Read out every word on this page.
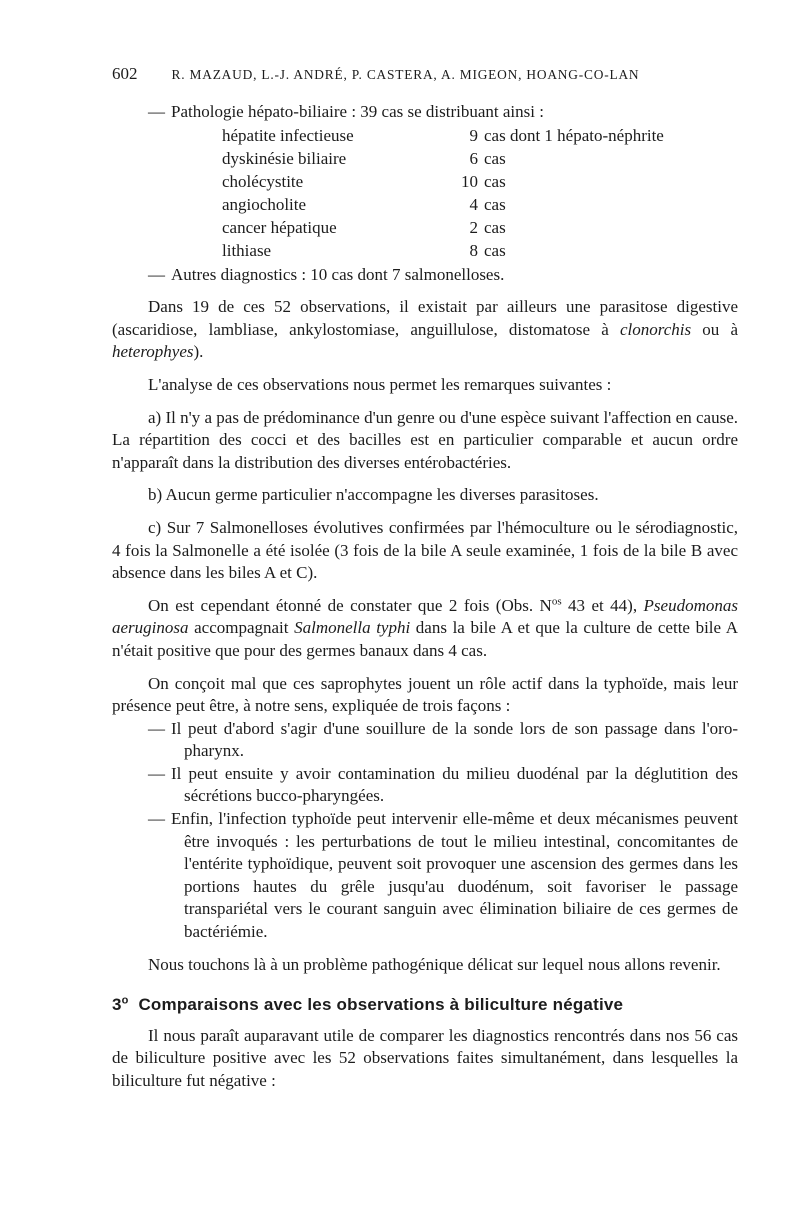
602	R. MAZAUD, L.-J. ANDRÉ, P. CASTERA, A. MIGEON, HOANG-CO-LAN

— Pathologie hépato-biliaire : 39 cas se distribuant ainsi :

hépatite infectieuse	9	cas dont 1 hépato-néphrite
dyskinésie biliaire	6	cas
cholécystite	10	cas
angiocholite	4	cas
cancer hépatique	2	cas
lithiase	8	cas

— Autres diagnostics : 10 cas dont 7 salmonelloses.

Dans 19 de ces 52 observations, il existait par ailleurs une parasitose digestive (ascaridiose, lambliase, ankylostomiase, anguillulose, distomatose à clonorchis ou à heterophyes).

L'analyse de ces observations nous permet les remarques suivantes :

a) Il n'y a pas de prédominance d'un genre ou d'une espèce suivant l'affection en cause. La répartition des cocci et des bacilles est en particulier comparable et aucun ordre n'apparaît dans la distribution des diverses entérobactéries.

b) Aucun germe particulier n'accompagne les diverses parasitoses.

c) Sur 7 Salmonelloses évolutives confirmées par l'hémoculture ou le sérodiagnostic, 4 fois la Salmonelle a été isolée (3 fois de la bile A seule examinée, 1 fois de la bile B avec absence dans les biles A et C).

On est cependant étonné de constater que 2 fois (Obs. $N^{os}$ 43 et 44), Pseudomonas aeruginosa accompagnait Salmonella typhi dans la bile A et que la culture de cette bile A n'était positive que pour des germes banaux dans 4 cas.

On conçoit mal que ces saprophytes jouent un rôle actif dans la typhoïde, mais leur présence peut être, à notre sens, expliquée de trois façons :

— Il peut d'abord s'agir d'une souillure de la sonde lors de son passage dans l'oro-pharynx.

— Il peut ensuite y avoir contamination du milieu duodénal par la déglutition des sécrétions bucco-pharyngées.

— Enfin, l'infection typhoïde peut intervenir elle-même et deux mécanismes peuvent être invoqués : les perturbations de tout le milieu intestinal, concomitantes de l'entérite typhoïdique, peuvent soit provoquer une ascension des germes dans les portions hautes du grêle jusqu'au duodénum, soit favoriser le passage transpariétal vers le courant sanguin avec élimination biliaire de ces germes de bactériémie.

Nous touchons là à un problème pathogénique délicat sur lequel nous allons revenir.

3$^o$ Comparaisons avec les observations à biliculture négative

Il nous paraît auparavant utile de comparer les diagnostics rencontrés dans nos 56 cas de biliculture positive avec les 52 observations faites simultanément, dans lesquelles la biliculture fut négative :
